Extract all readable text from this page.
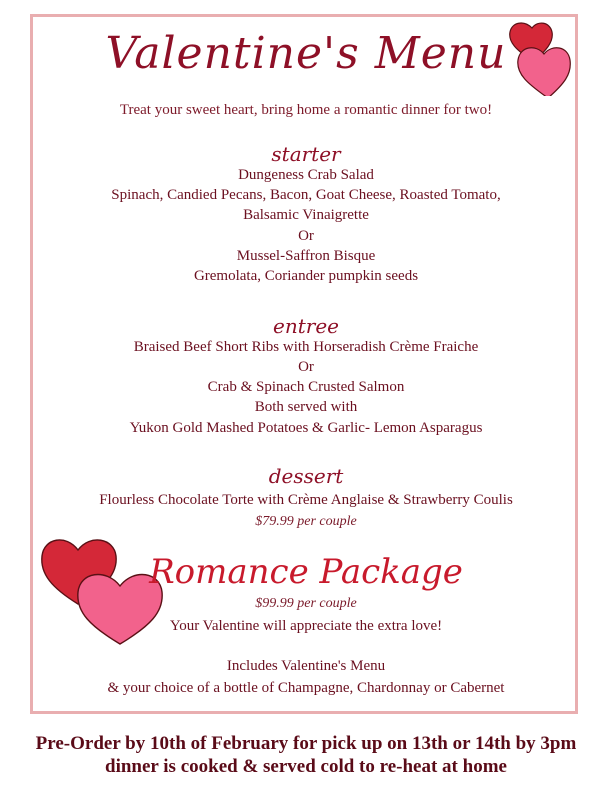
Valentine's Menu
Treat your sweet heart, bring home a romantic dinner for two!
starter
Dungeness Crab Salad
Spinach, Candied Pecans, Bacon, Goat Cheese, Roasted Tomato,
Balsamic Vinaigrette
Or
Mussel-Saffron Bisque
Gremolata, Coriander pumpkin seeds
entree
Braised Beef Short Ribs with Horseradish Crème Fraiche
Or
Crab & Spinach Crusted Salmon
Both served with
Yukon Gold Mashed Potatoes & Garlic- Lemon Asparagus
dessert
Flourless Chocolate Torte with Crème Anglaise & Strawberry Coulis
$79.99 per couple
Romance Package
$99.99 per couple
Your Valentine will appreciate the extra love!
Includes Valentine's Menu
& your choice of a bottle of Champagne, Chardonnay or Cabernet
Pre-Order by 10th of February for pick up on 13th or 14th by 3pm
dinner is cooked & served cold to re-heat at home
